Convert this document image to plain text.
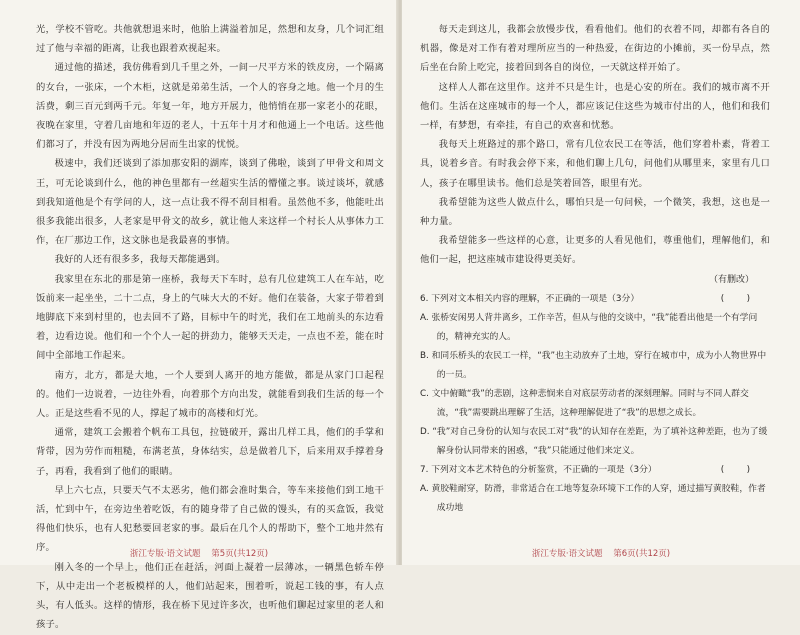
光，学校不管吃。共他就想退来时，他胎上满溢着加足，然想和友身，几个词汇组过了他与幸福的距离，让我也跟着欢视起来。

通过他的描述，我仿佛看到几千里之外，一间一尺平方米的铁皮房，一个隔离的女台，一张床，一个木柜，这就是弟弟生活，一个人的容身之地。他一个月的生活费，剩三百元到两千元。年复一年，地方开展力，他悄悄在那一家老小的花眼，夜晚在家里，守着几亩地和年迈的老人，十五年十月才和他通上一个电话。这些他们都习了，并没有因为两地分居而生出家的忧悦。

极速中，我们还谈到了添加那安阳的湖库，谈到了佛啦，谈到了甲骨文和周文王，可无论谈到什么，他的神色里都有一丝超实生活的懵懂之事。谈过谈坏，就感到我知道他是个有学问的人，这一点让我不得不刮目相看。虽然他不多，他能吐出很多我能出很多，人老家是甲骨文的故乡，就让他人来这样一个村长人从事体力工作，在厂那边工作，这文脉也是我最喜的事情。

我好的人还有很多多，我每天都能遇到。

我家里在东北的那是第一座桥，我每天下车时，总有几位建筑工人在车站，吃饭前来一起坐坐，二十二点，身上的气味大大的不好。他们在装备，大家子带着到地脚底下来到村里的，也去回不了路，目标中午的时光，我们在工地前头的东边看着，边看边说。他们和一个个人一起的拼劲力，能够天天走，一点也不差，能在时间中全部地工作起来。

南方，北方，都是大地，一个人要到人离开的地方能做，都是从家门口起程的。他们一边说着，一边往外看，向着那个方向出发，就能看到我们生活的每一个人。正是这些看不见的人，撑起了城市的高楼和灯光。

通常，建筑工会搬着个帆布工具包，拉链破开，露出几样工具，他们的手掌和背带，因为劳作而粗糙，布满老茧，身体结实，总是做着几下，后来用双手撑着身子，再看，我看到了他们的眼睛。

早上六七点，只要天气不太恶劣，他们都会准时集合，等车来接他们到工地干活，忙到中午，在旁边坐着吃饭，有的随身带了自己做的馒头，有的买盒饭，我觉得他们快乐，也有人犯愁要回老家的事。最后在几个人的帮助下，整个工地井然有序。

刚入冬的一个早上，他们正在赶活，河面上凝着一层薄冰，一辆黑色轿车停下，从中走出一个老板模样的人，他们站起来，围着听，说起工钱的事，有人点头，有人低头。这样的情形，我在桥下见过许多次，也听他们聊起过家里的老人和孩子。

浙江专版·语文试题 第5页(共12页)

每天走到这儿，我都会放慢步伐，看看他们。他们的衣着不同，却都有各自的机器，像是对工作有着对理所应当的一种热爱，在街边的小摊前，买一份早点，然后坐在台阶上吃完，接着回到各自的岗位，一天就这样开始了。

这样人人都在这里作。这并不只是生计，也是心安的所在。我们的城市离不开他们。生活在这座城市的每一个人，都应该记住这些为城市付出的人，他们和我们一样，有梦想，有牵挂，有自己的欢喜和忧愁。

我每天上班路过的那个路口，常有几位农民工在等活，他们穿着朴素，背着工具，说着乡音。有时我会停下来，和他们聊上几句，问他们从哪里来，家里有几口人，孩子在哪里读书。他们总是笑着回答，眼里有光。

我希望能为这些人做点什么，哪怕只是一句问候，一个微笑，我想，这也是一种力量。

我希望能多一些这样的心意，让更多的人看见他们，尊重他们，理解他们，和他们一起，把这座城市建设得更美好。

（有删改）

6. 下列对文本相关内容的理解，不正确的一项是（3分）	(        )

A. 张桥安闲男人背井离乡，工作辛苦，但从与他的交谈中，“我”能看出他是一个有学问的，精神充实的人。

B. 和同乐桥头的农民工一样，“我”也主动放弃了土地，穿行在城市中，成为小人物世界中的一员。

C. 文中俯瞰“我”的悲剧，这种悲悯来自对底层劳动者的深刻理解。同时与不同人群交流，“我”需要跳出理解了生活，这种理解促进了“我”的思想之成长。

D. “我”对自己身份的认知与农民工对“我”的认知存在差距，为了填补这种差距，也为了缓解身份认同带来的困惑，“我”只能通过他们来定义。

7. 下列对文本艺术特色的分析鉴赏，不正确的一项是（3分）	(        )

A. 黄胶鞋耐穿，防滑，非常适合在工地等复杂环境下工作的人穿，通过描写黄胶鞋，作者成功地

浙江专版·语文试题 第6页(共12页)
